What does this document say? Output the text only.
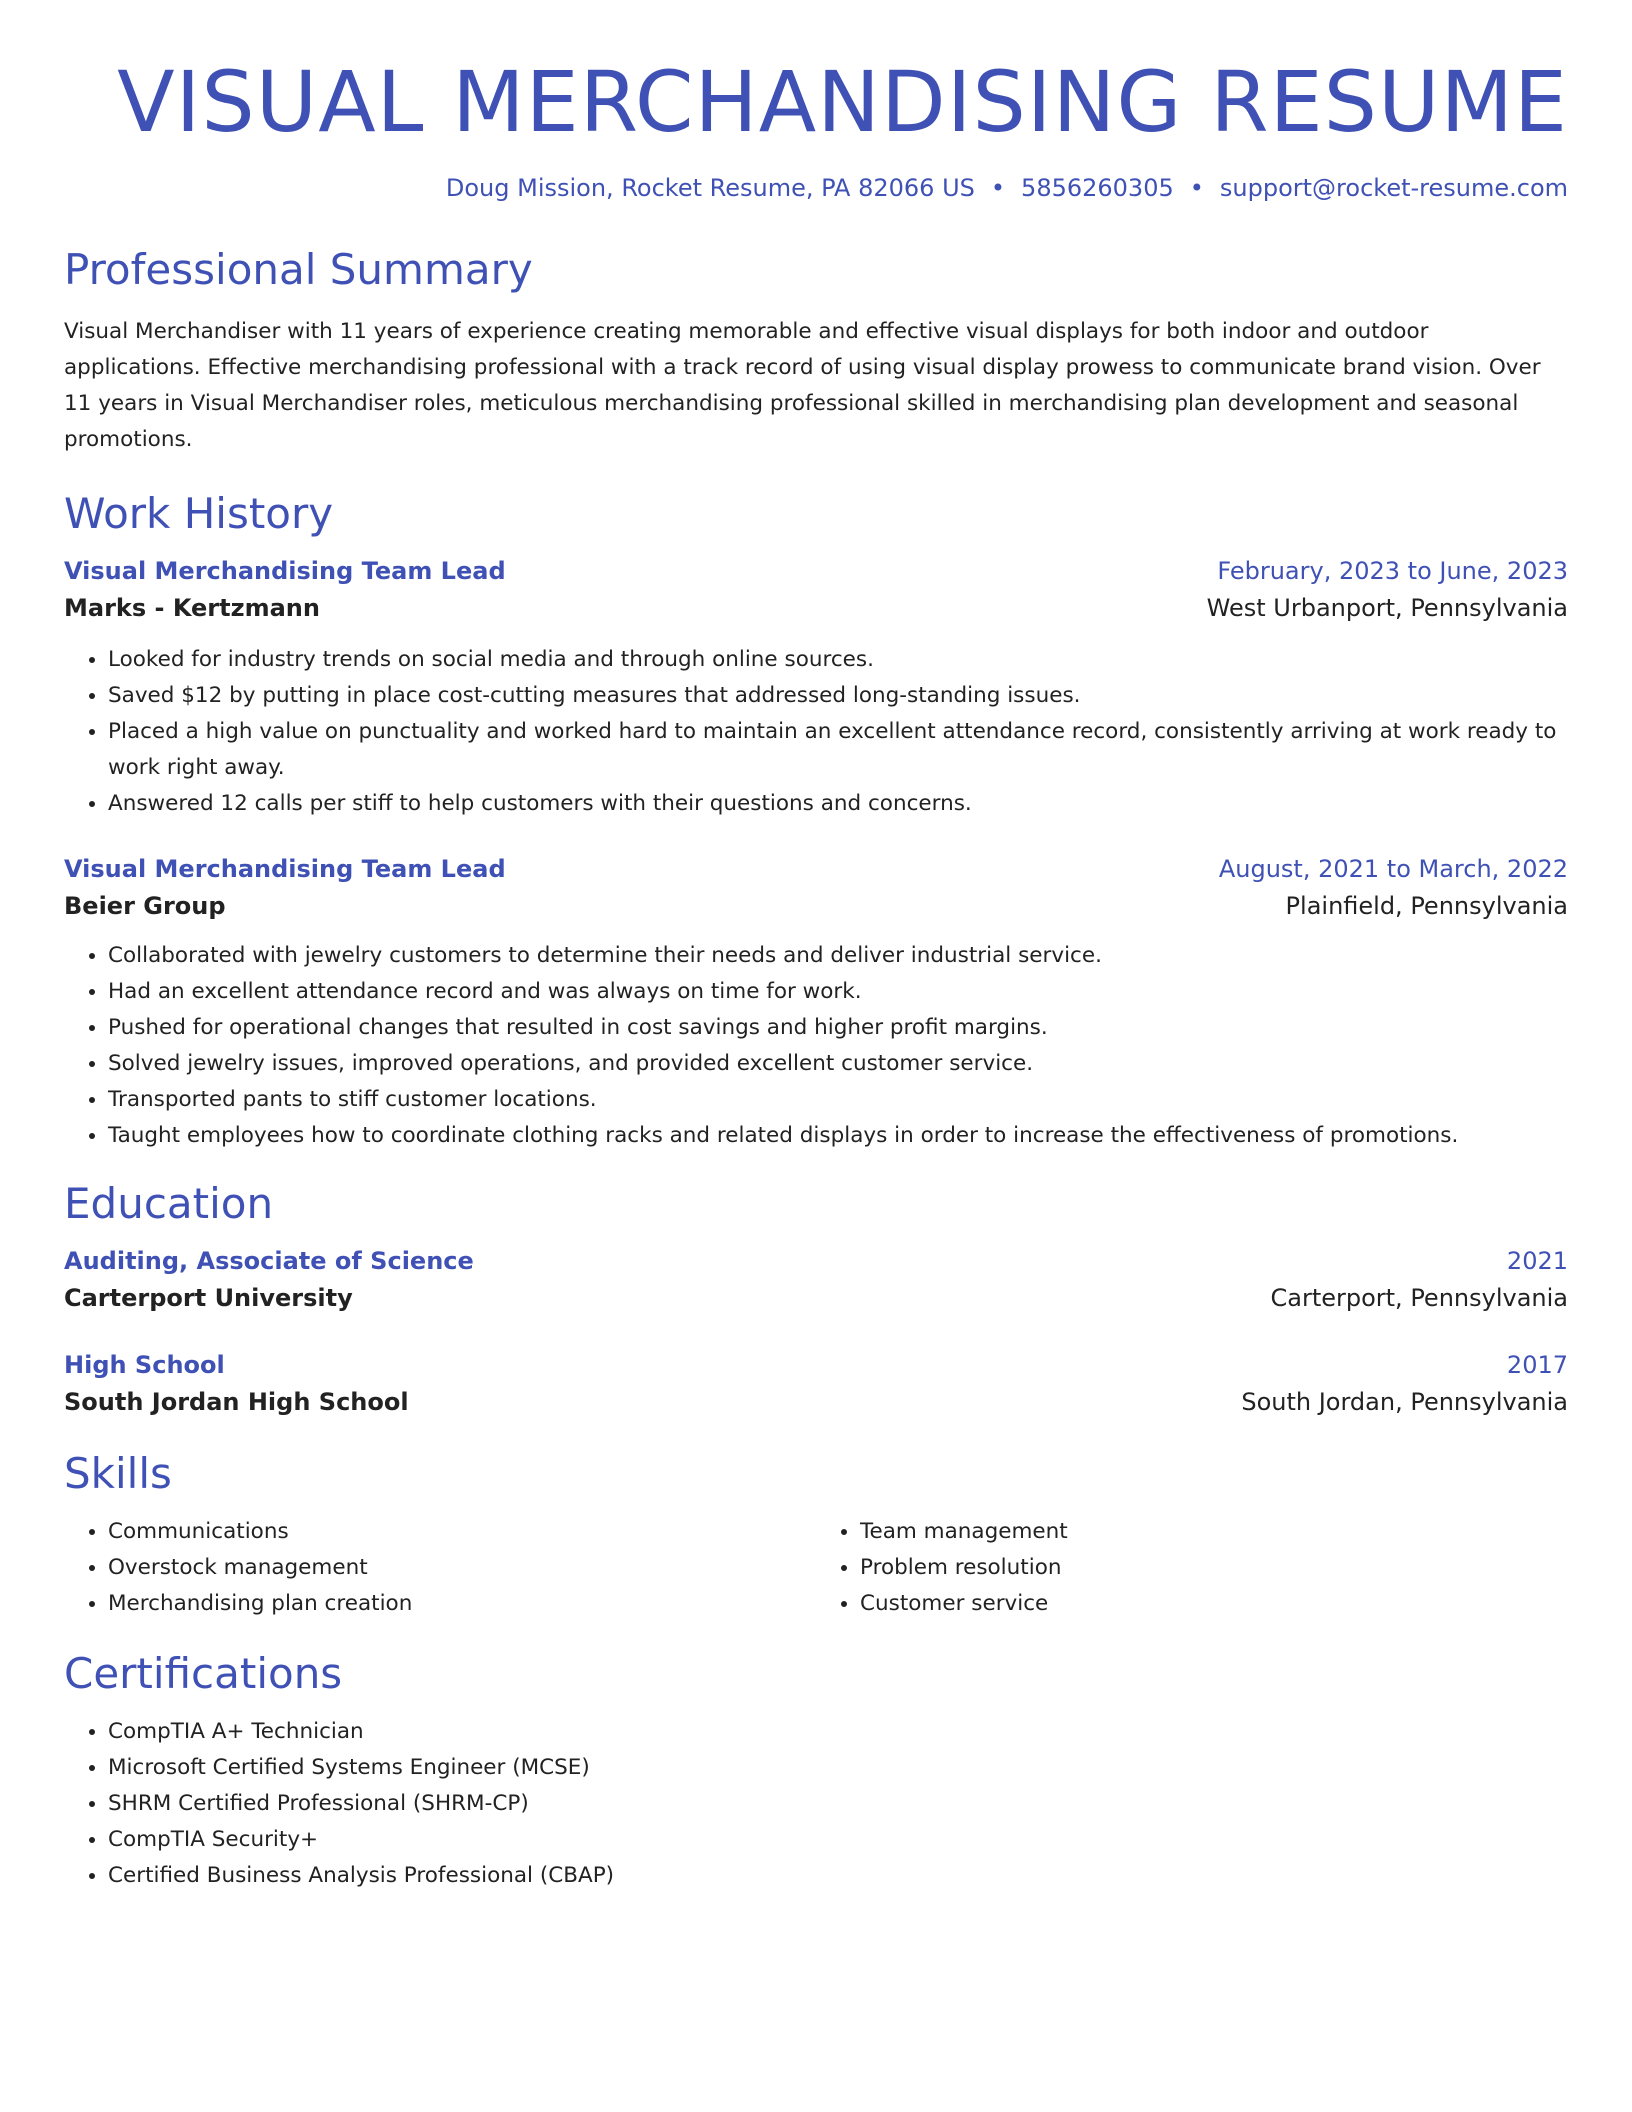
VISUAL MERCHANDISING RESUME
Doug Mission, Rocket Resume, PA 82066 US • 5856260305 • support@rocket-resume.com
Professional Summary
Visual Merchandiser with 11 years of experience creating memorable and effective visual displays for both indoor and outdoor applications. Effective merchandising professional with a track record of using visual display prowess to communicate brand vision. Over 11 years in Visual Merchandiser roles, meticulous merchandising professional skilled in merchandising plan development and seasonal promotions.
Work History
Visual Merchandising Team Lead	February, 2023 to June, 2023
Marks - Kertzmann	West Urbanport, Pennsylvania
• Looked for industry trends on social media and through online sources.
• Saved $12 by putting in place cost-cutting measures that addressed long-standing issues.
• Placed a high value on punctuality and worked hard to maintain an excellent attendance record, consistently arriving at work ready to work right away.
• Answered 12 calls per stiff to help customers with their questions and concerns.
Visual Merchandising Team Lead	August, 2021 to March, 2022
Beier Group	Plainfield, Pennsylvania
• Collaborated with jewelry customers to determine their needs and deliver industrial service.
• Had an excellent attendance record and was always on time for work.
• Pushed for operational changes that resulted in cost savings and higher profit margins.
• Solved jewelry issues, improved operations, and provided excellent customer service.
• Transported pants to stiff customer locations.
• Taught employees how to coordinate clothing racks and related displays in order to increase the effectiveness of promotions.
Education
Auditing, Associate of Science	2021
Carterport University	Carterport, Pennsylvania
High School	2017
South Jordan High School	South Jordan, Pennsylvania
Skills
• Communications
• Overstock management
• Merchandising plan creation
• Team management
• Problem resolution
• Customer service
Certifications
• CompTIA A+ Technician
• Microsoft Certified Systems Engineer (MCSE)
• SHRM Certified Professional (SHRM-CP)
• CompTIA Security+
• Certified Business Analysis Professional (CBAP)
